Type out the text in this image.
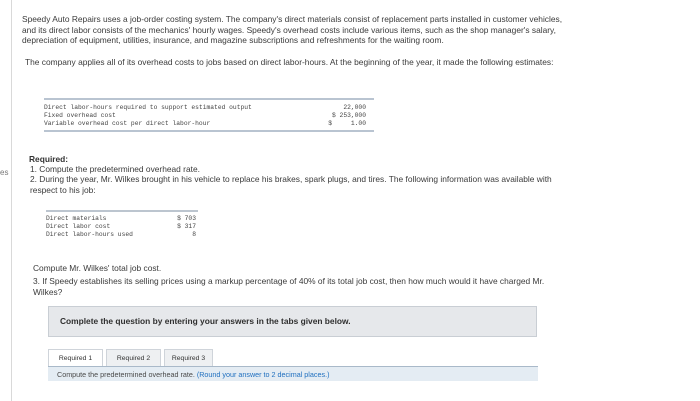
es

Speedy Auto Repairs uses a job-order costing system. The company's direct materials consist of replacement parts installed in customer vehicles, and its direct labor consists of the mechanics' hourly wages. Speedy's overhead costs include various items, such as the shop manager's salary, depreciation of equipment, utilities, insurance, and magazine subscriptions and refreshments for the waiting room.

The company applies all of its overhead costs to jobs based on direct labor-hours. At the beginning of the year, it made the following estimates:

Direct labor-hours required to support estimated output	22,000
Fixed overhead cost	$ 253,000
Variable overhead cost per direct labor-hour	$     1.00

Required:

1. Compute the predetermined overhead rate.

2. During the year, Mr. Wilkes brought in his vehicle to replace his brakes, spark plugs, and tires. The following information was available with respect to his job:

Direct materials	$ 703
Direct labor cost	$ 317
Direct labor-hours used	8

Compute Mr. Wilkes' total job cost.

3. If Speedy establishes its selling prices using a markup percentage of 40% of its total job cost, then how much would it have charged Mr. Wilkes?

Complete the question by entering your answers in the tabs given below.
Required 1	Required 2	Required 3
Compute the predetermined overhead rate. (Round your answer to 2 decimal places.)
